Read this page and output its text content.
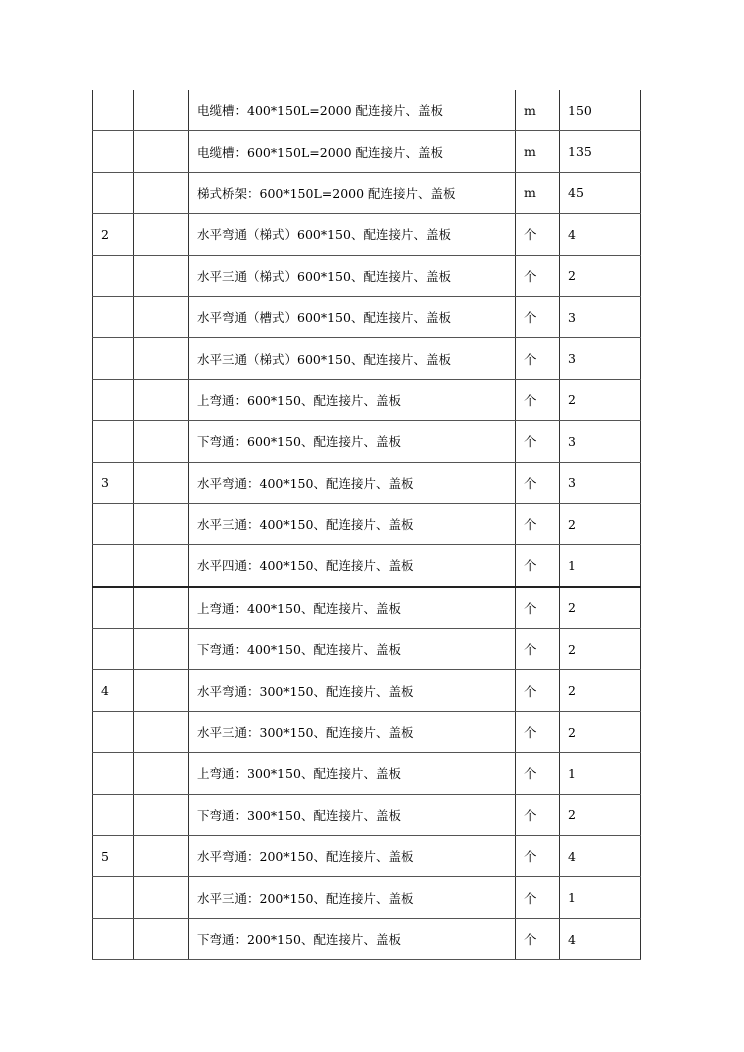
		电缆槽：400*150L=2000 配连接片、盖板	m	150
		电缆槽：600*150L=2000 配连接片、盖板	m	135
		梯式桥架：600*150L=2000 配连接片、盖板	m	45
2		水平弯通（梯式）600*150、配连接片、盖板	个	4
		水平三通（梯式）600*150、配连接片、盖板	个	2
		水平弯通（槽式）600*150、配连接片、盖板	个	3
		水平三通（梯式）600*150、配连接片、盖板	个	3
		上弯通：600*150、配连接片、盖板	个	2
		下弯通：600*150、配连接片、盖板	个	3
3		水平弯通：400*150、配连接片、盖板	个	3
		水平三通：400*150、配连接片、盖板	个	2
		水平四通：400*150、配连接片、盖板	个	1
		上弯通：400*150、配连接片、盖板	个	2
		下弯通：400*150、配连接片、盖板	个	2
4		水平弯通：300*150、配连接片、盖板	个	2
		水平三通：300*150、配连接片、盖板	个	2
		上弯通：300*150、配连接片、盖板	个	1
		下弯通：300*150、配连接片、盖板	个	2
5		水平弯通：200*150、配连接片、盖板	个	4
		水平三通：200*150、配连接片、盖板	个	1
		下弯通：200*150、配连接片、盖板	个	4
